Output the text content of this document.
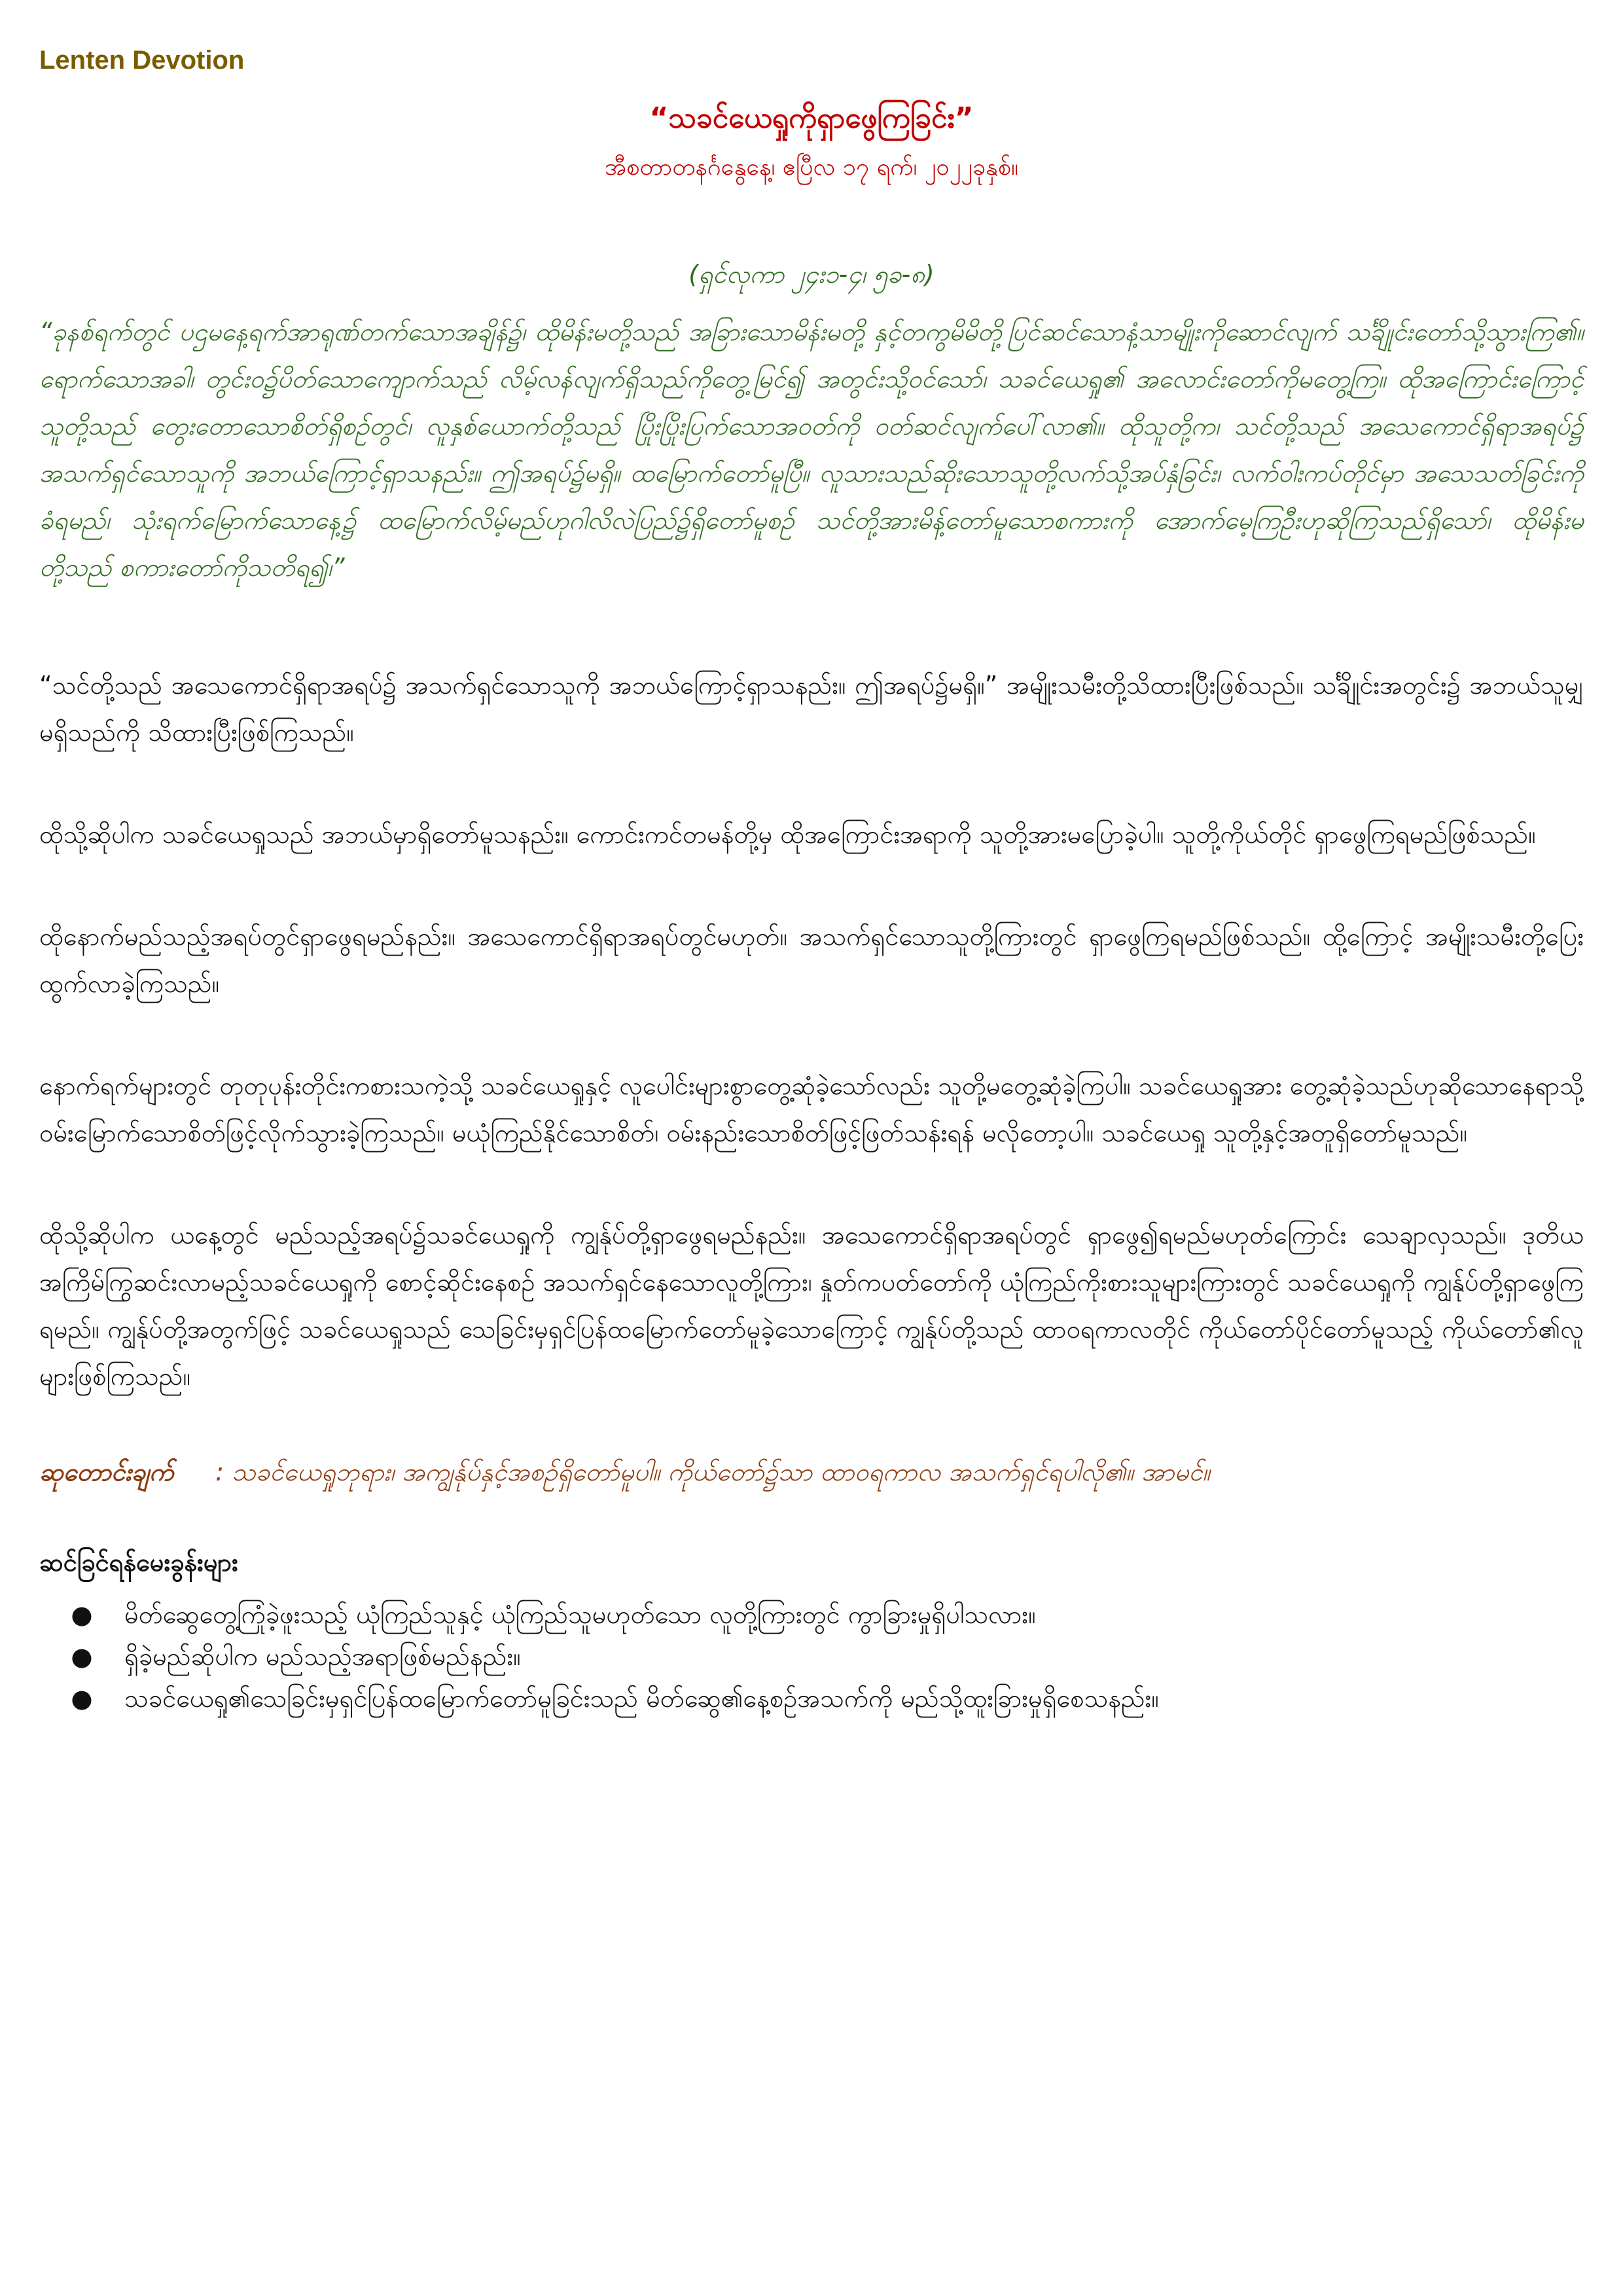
Lenten Devotion
“သခင်ယေရှုကိုရှာဖွေကြခြင်း”
အီစတာတနင်္ဂနွေနေ့၊ ဧပြီလ ၁၇ ရက်၊ ၂၀၂၂ခုနှစ်။
(ရှင်လုကာ ၂၄း၁-၄၊ ၅ခ-၈)

“ခုနစ်ရက်တွင် ပဌမနေ့ရက်အာရုဏ်တက်သောအချိန်၌၊ ထိုမိန်းမတို့သည် အခြားသောမိန်းမတို့ နှင့်တကွမိမိတို့ပြင်ဆင်သောနံ့သာမျိုးကိုဆောင်လျက် သင်္ချိုင်းတော်သို့သွားကြ၏။ ရောက်သောအခါ၊ တွင်းဝ၌ပိတ်သောကျောက်သည် လိမ့်လန်လျက်ရှိသည်ကိုတွေ့မြင်၍ အတွင်းသို့ဝင်သော်၊ သခင်ယေရှု၏ အလောင်းတော်ကိုမတွေ့ကြ။ ထိုအကြောင်းကြောင့်သူတို့သည် တွေးတောသောစိတ်ရှိစဉ်တွင်၊ လူနှစ်ယောက်တို့သည် ပြိုးပြိုးပြက်သောအဝတ်ကို ဝတ်ဆင်လျက်ပေါ်လာ၏။ ထိုသူတို့က၊ သင်တို့သည် အသေကောင်ရှိရာအရပ်၌ အသက်ရှင်သောသူကို အဘယ်ကြောင့်ရှာသနည်း။ ဤအရပ်၌မရှိ။ ထမြောက်တော်မူပြီ။ လူသားသည်ဆိုးသောသူတို့လက်သို့အပ်နှံခြင်း၊ လက်ဝါးကပ်တိုင်မှာ အသေသတ်ခြင်းကိုခံရမည်၊ သုံးရက်မြောက်သောနေ့၌ ထမြောက်လိမ့်မည်ဟုဂါလိလဲပြည်၌ရှိတော်မူစဉ် သင်တို့အားမိန့်တော်မူသောစကားကို အောက်မေ့ကြဦးဟုဆိုကြသည်ရှိသော်၊ ထိုမိန်းမတို့သည် စကားတော်ကိုသတိရ၍၊”

“သင်တို့သည် အသေကောင်ရှိရာအရပ်၌ အသက်ရှင်သောသူကို အဘယ်ကြောင့်ရှာသနည်း။ ဤအရပ်၌မရှိ။” အမျိုးသမီးတို့သိထားပြီးဖြစ်သည်။ သင်္ချိုင်းအတွင်း၌ အဘယ်သူမျှမရှိသည်ကို သိထားပြီးဖြစ်ကြသည်။

ထိုသို့ဆိုပါက သခင်ယေရှုသည် အဘယ်မှာရှိတော်မူသနည်း။ ကောင်းကင်တမန်တို့မှ ထိုအကြောင်းအရာကို သူတို့အားမပြောခဲ့ပါ။ သူတို့ကိုယ်တိုင် ရှာဖွေကြရမည်ဖြစ်သည်။

ထိုနောက်မည်သည့်အရပ်တွင်ရှာဖွေရမည်နည်း။ အသေကောင်ရှိရာအရပ်တွင်မဟုတ်။ အသက်ရှင်သောသူတို့ကြားတွင် ရှာဖွေကြရမည်ဖြစ်သည်။ ထို့ကြောင့် အမျိုးသမီးတို့ပြေးထွက်လာခဲ့ကြသည်။

နောက်ရက်များတွင် တုတုပုန်းတိုင်းကစားသကဲ့သို့ သခင်ယေရှုနှင့် လူပေါင်းများစွာတွေ့ဆုံခဲ့သော်လည်း သူတို့မတွေ့ဆုံခဲ့ကြပါ။ သခင်ယေရှုအား တွေ့ဆုံခဲ့သည်ဟုဆိုသောနေရာသို့ ဝမ်းမြောက်သောစိတ်ဖြင့်လိုက်သွားခဲ့ကြသည်။ မယုံကြည်နိုင်သောစိတ်၊ ဝမ်းနည်းသောစိတ်ဖြင့်ဖြတ်သန်းရန် မလိုတော့ပါ။ သခင်ယေရှု သူတို့နှင့်အတူရှိတော်မူသည်။

ထိုသို့ဆိုပါက ယနေ့တွင် မည်သည့်အရပ်၌သခင်ယေရှုကို ကျွန်ုပ်တို့ရှာဖွေရမည်နည်း။ အသေကောင်ရှိရာအရပ်တွင် ရှာဖွေ၍ရမည်မဟုတ်ကြောင်း သေချာလှသည်။ ဒုတိယအကြိမ်ကြွဆင်းလာမည့်သခင်ယေရှုကို စောင့်ဆိုင်းနေစဉ် အသက်ရှင်နေသောလူတို့ကြား၊ နှုတ်ကပတ်တော်ကို ယုံကြည်ကိုးစားသူများကြားတွင် သခင်ယေရှုကို ကျွန်ုပ်တို့ရှာဖွေကြရမည်။ ကျွန်ုပ်တို့အတွက်ဖြင့် သခင်ယေရှုသည် သေခြင်းမှရှင်ပြန်ထမြောက်တော်မူခဲ့သောကြောင့် ကျွန်ုပ်တို့သည် ထာဝရကာလတိုင် ကိုယ်တော်ပိုင်တော်မူသည့် ကိုယ်တော်၏လူများဖြစ်ကြသည်။

ဆုတောင်းချက် : သခင်ယေရှုဘုရား၊ အကျွန်ုပ်နှင့်အစဉ်ရှိတော်မူပါ။ ကိုယ်တော်၌သာ ထာဝရကာလ အသက်ရှင်ရပါလို၏။ အာမင်။
ဆင်ခြင်ရန်မေးခွန်းများ
●	မိတ်ဆွေတွေ့ကြုံခဲ့ဖူးသည့် ယုံကြည်သူနှင့် ယုံကြည်သူမဟုတ်သော လူတို့ကြားတွင် ကွာခြားမှုရှိပါသလား။
●	ရှိခဲ့မည်ဆိုပါက မည်သည့်အရာဖြစ်မည်နည်း။
●	သခင်ယေရှု၏သေခြင်းမှရှင်ပြန်ထမြောက်တော်မူခြင်းသည် မိတ်ဆွေ၏နေ့စဉ်အသက်ကို မည်သို့ထူးခြားမှုရှိစေသနည်း။
